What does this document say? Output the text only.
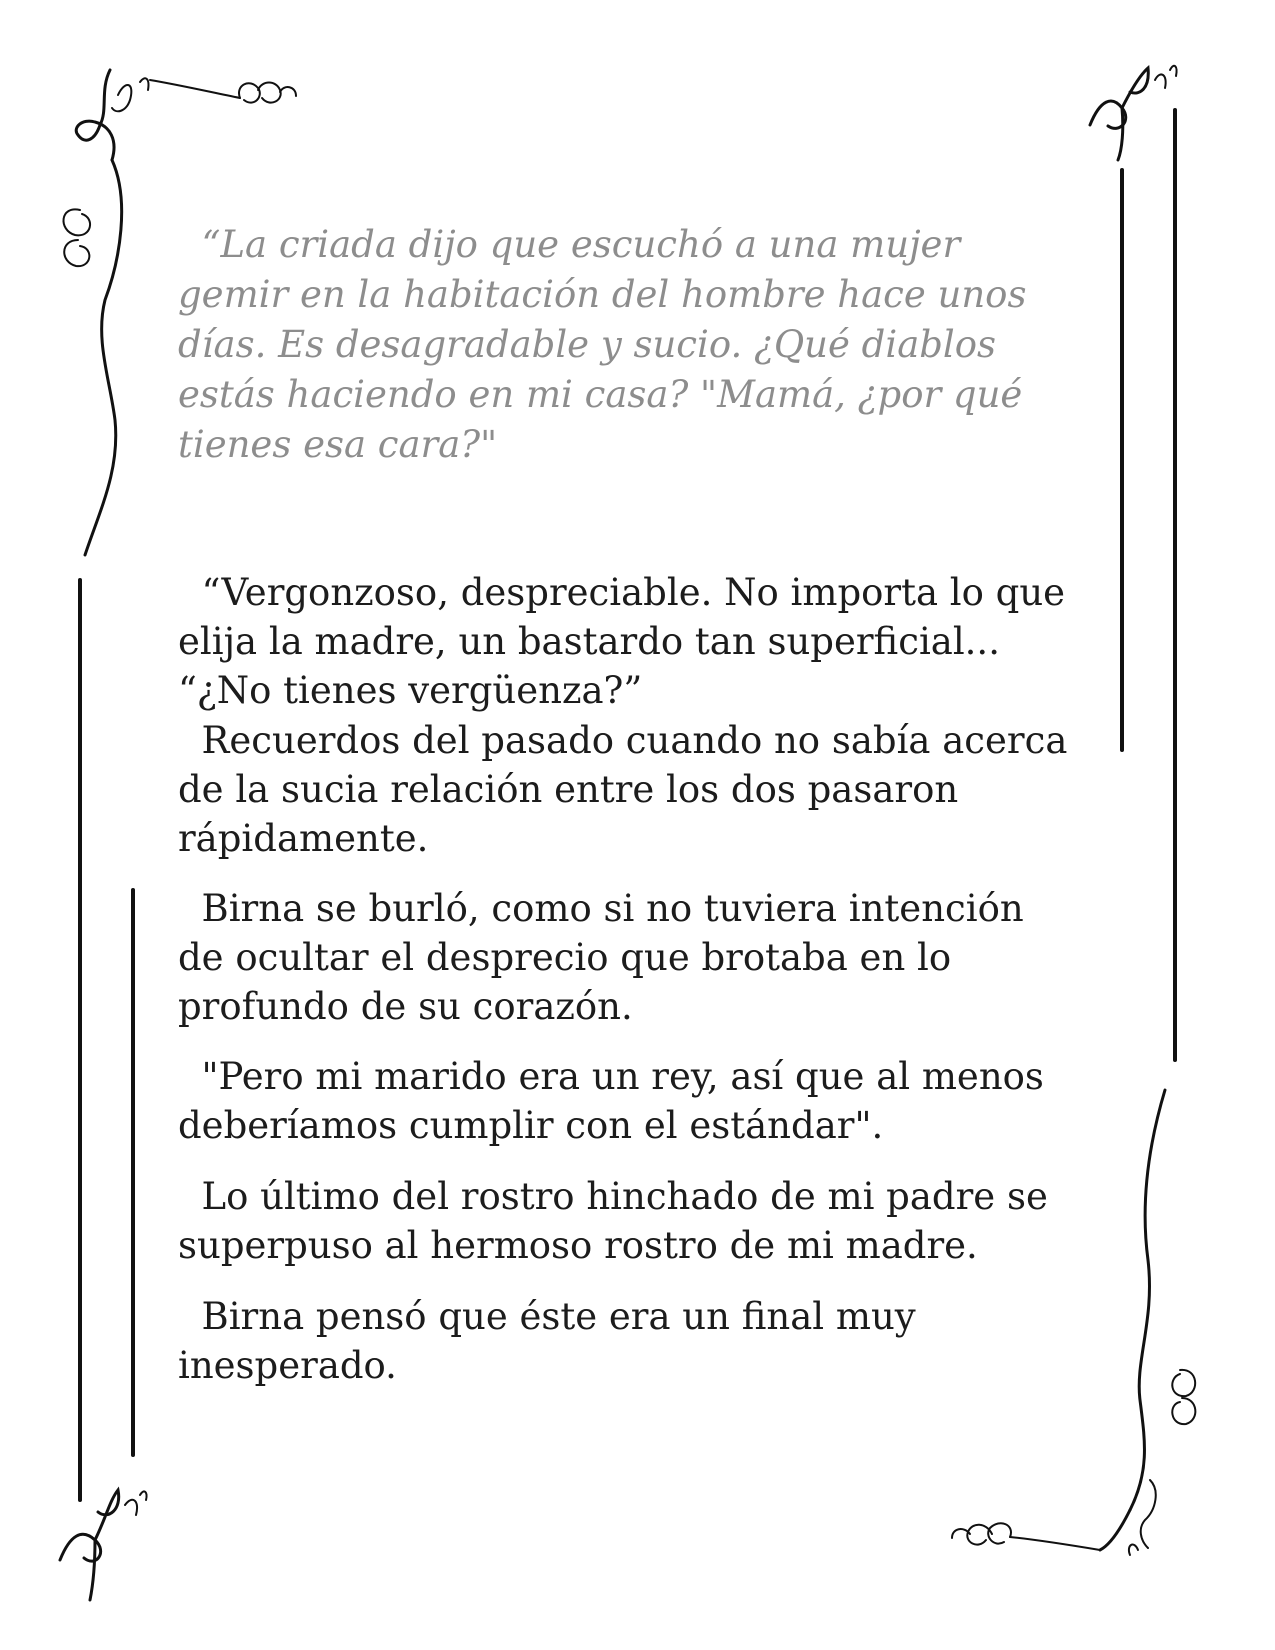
“La criada dijo que escuchó a una mujer gemir en la habitación del hombre hace unos días. Es desagradable y sucio. ¿Qué diablos estás haciendo en mi casa? "Mamá, ¿por qué tienes esa cara?"

“Vergonzoso, despreciable. No importa lo que elija la madre, un bastardo tan superficial... “¿No tienes vergüenza?”

Recuerdos del pasado cuando no sabía acerca de la sucia relación entre los dos pasaron rápidamente.

Birna se burló, como si no tuviera intención de ocultar el desprecio que brotaba en lo profundo de su corazón.

"Pero mi marido era un rey, así que al menos deberíamos cumplir con el estándar".

Lo último del rostro hinchado de mi padre se superpuso al hermoso rostro de mi madre.

Birna pensó que éste era un final muy inesperado.
